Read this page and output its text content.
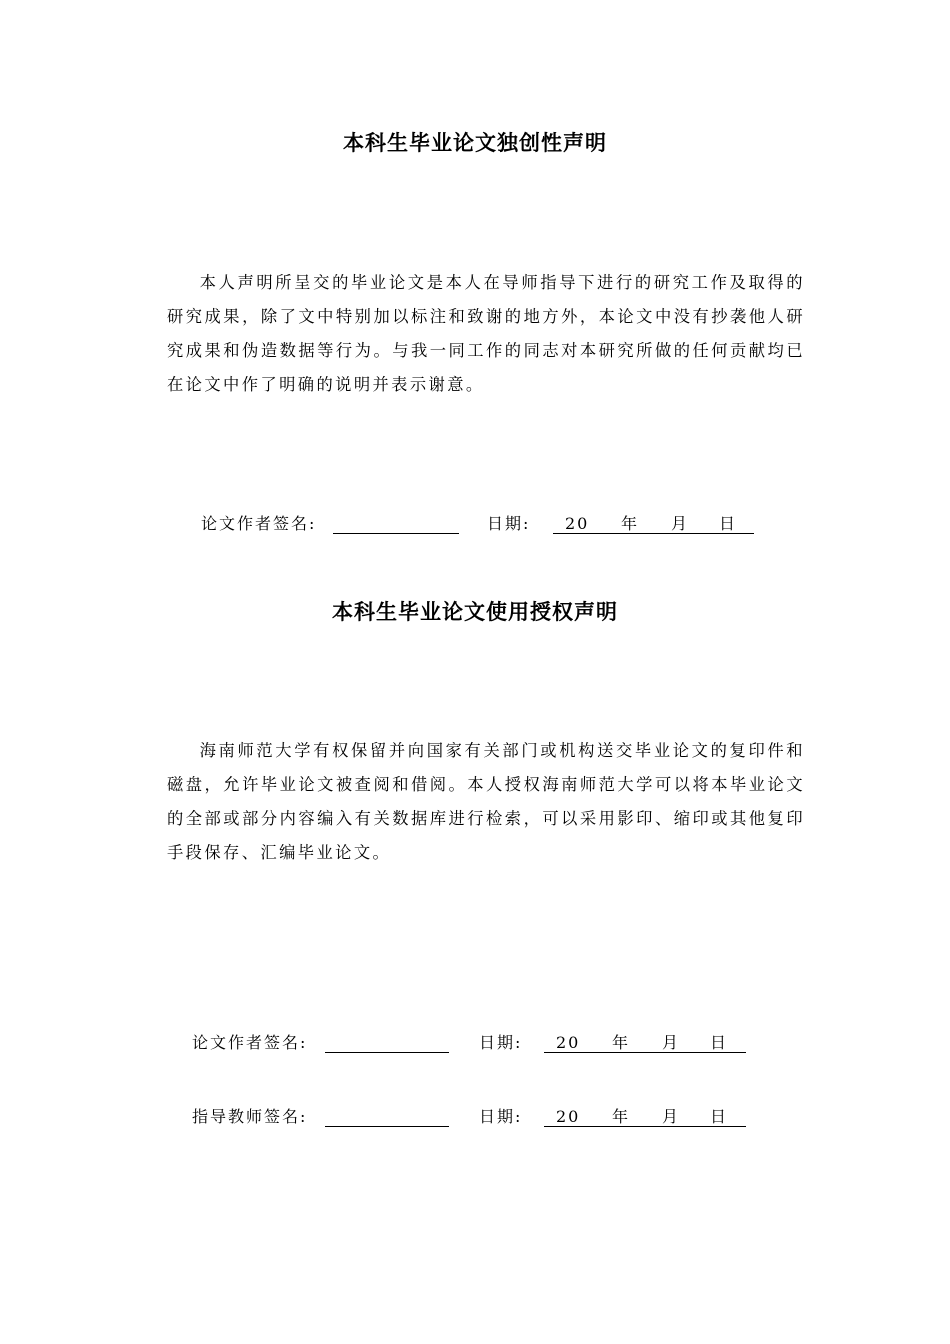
本科生毕业论文独创性声明
本人声明所呈交的毕业论文是本人在导师指导下进行的研究工作及取得的研究成果，除了文中特别加以标注和致谢的地方外，本论文中没有抄袭他人研究成果和伪造数据等行为。与我一同工作的同志对本研究所做的任何贡献均已在论文中作了明确的说明并表示谢意。
论文作者签名:	日期: 20 年 月 日
本科生毕业论文使用授权声明
海南师范大学有权保留并向国家有关部门或机构送交毕业论文的复印件和磁盘，允许毕业论文被查阅和借阅。本人授权海南师范大学可以将本毕业论文的全部或部分内容编入有关数据库进行检索，可以采用影印、缩印或其他复印手段保存、汇编毕业论文。
论文作者签名:	日期: 20 年 月 日
指导教师签名:	日期: 20 年 月 日
